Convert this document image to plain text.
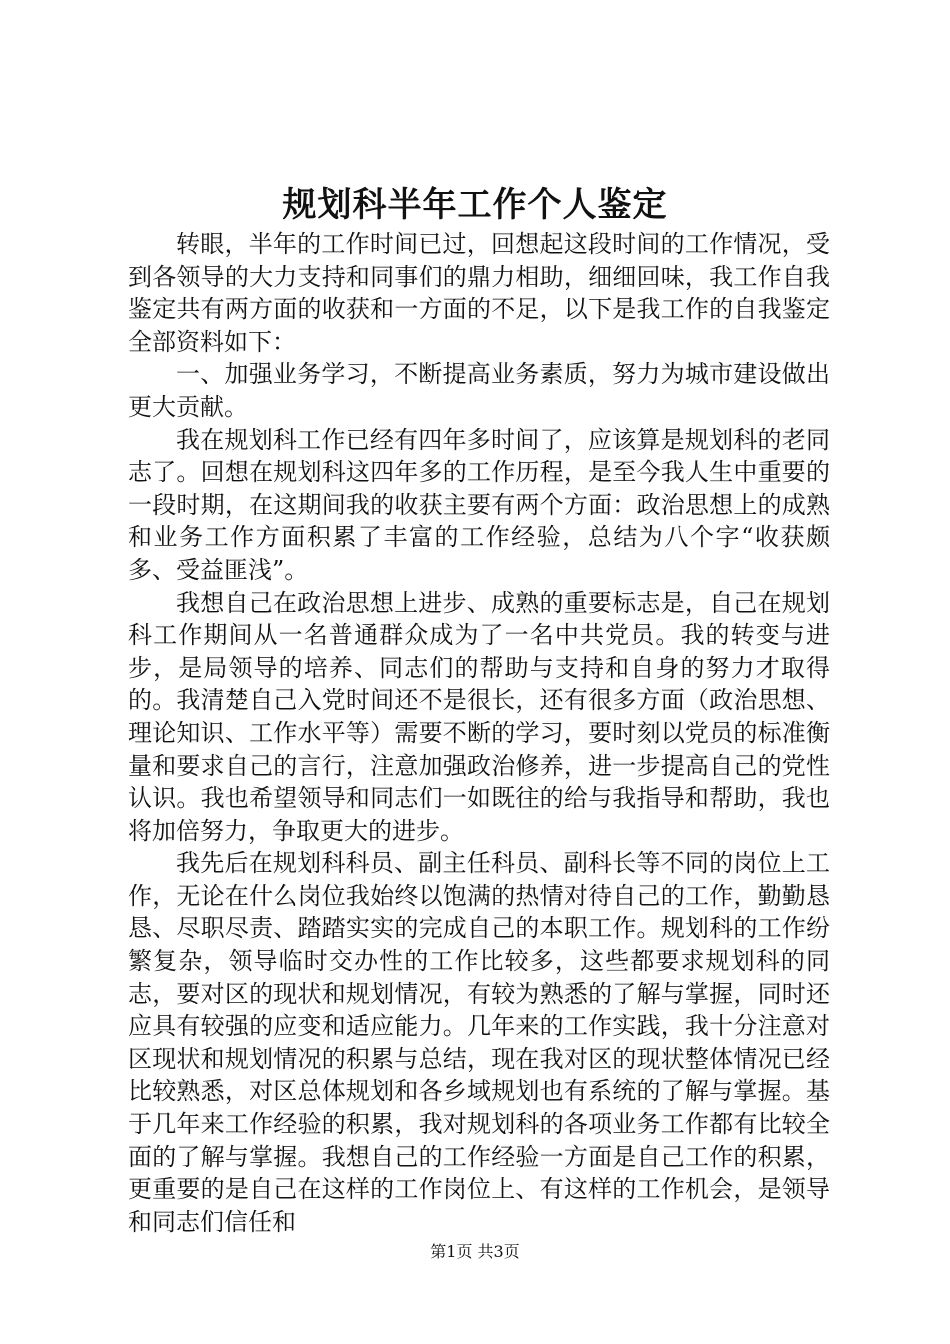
规划科半年工作个人鉴定

转眼，半年的工作时间已过，回想起这段时间的工作情况，受到各领导的大力支持和同事们的鼎力相助，细细回味，我工作自我鉴定共有两方面的收获和一方面的不足，以下是我工作的自我鉴定全部资料如下：

一、加强业务学习，不断提高业务素质，努力为城市建设做出更大贡献。

我在规划科工作已经有四年多时间了，应该算是规划科的老同志了。回想在规划科这四年多的工作历程，是至今我人生中重要的一段时期，在这期间我的收获主要有两个方面：政治思想上的成熟和业务工作方面积累了丰富的工作经验，总结为八个字“收获颇多、受益匪浅”。

我想自己在政治思想上进步、成熟的重要标志是，自己在规划科工作期间从一名普通群众成为了一名中共党员。我的转变与进步，是局领导的培养、同志们的帮助与支持和自身的努力才取得的。我清楚自己入党时间还不是很长，还有很多方面（政治思想、理论知识、工作水平等）需要不断的学习，要时刻以党员的标准衡量和要求自己的言行，注意加强政治修养，进一步提高自己的党性认识。我也希望领导和同志们一如既往的给与我指导和帮助，我也将加倍努力，争取更大的进步。

我先后在规划科科员、副主任科员、副科长等不同的岗位上工作，无论在什么岗位我始终以饱满的热情对待自己的工作，勤勤恳恳、尽职尽责、踏踏实实的完成自己的本职工作。规划科的工作纷繁复杂，领导临时交办性的工作比较多，这些都要求规划科的同志，要对区的现状和规划情况，有较为熟悉的了解与掌握，同时还应具有较强的应变和适应能力。几年来的工作实践，我十分注意对区现状和规划情况的积累与总结，现在我对区的现状整体情况已经比较熟悉，对区总体规划和各乡域规划也有系统的了解与掌握。基于几年来工作经验的积累，我对规划科的各项业务工作都有比较全面的了解与掌握。我想自己的工作经验一方面是自己工作的积累，更重要的是自己在这样的工作岗位上、有这样的工作机会，是领导和同志们信任和

第1页 共3页
